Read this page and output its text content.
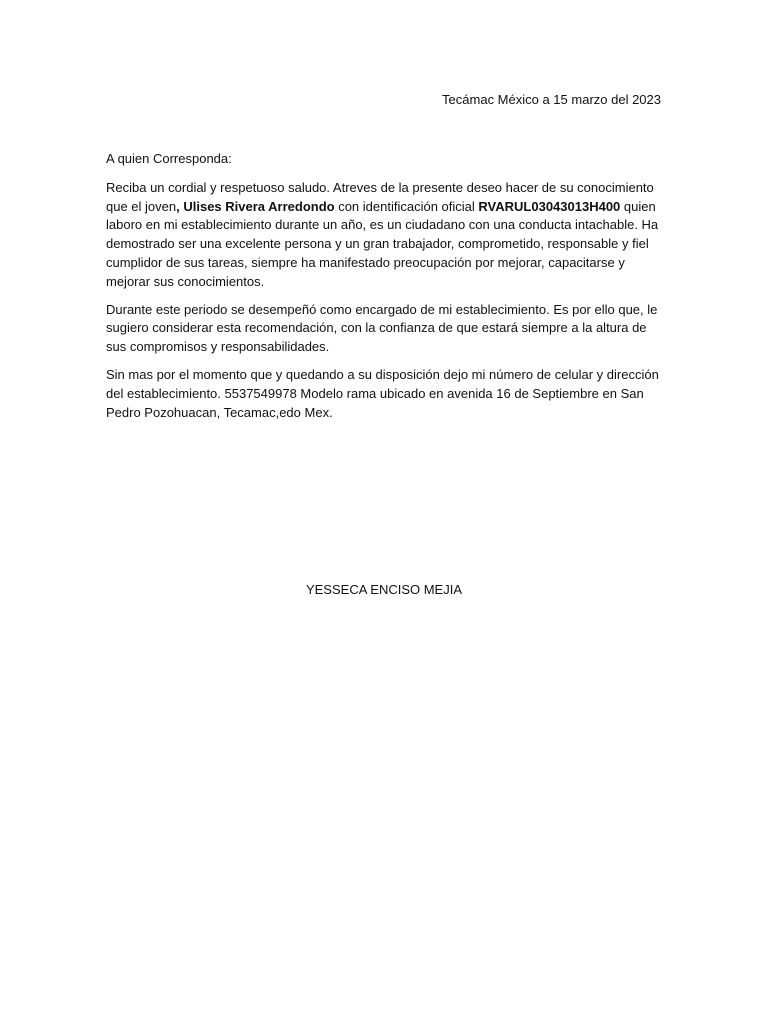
Tecámac México a 15 marzo del 2023

A quien Corresponda:

Reciba un cordial y respetuoso saludo. Atreves de la presente deseo hacer de su conocimiento que el joven, Ulises Rivera Arredondo con identificación oficial RVARUL03043013H400 quien laboro en mi establecimiento durante un año, es un ciudadano con una conducta intachable. Ha demostrado ser una excelente persona y un gran trabajador, comprometido, responsable y fiel cumplidor de sus tareas, siempre ha manifestado preocupación por mejorar, capacitarse y mejorar sus conocimientos.

Durante este periodo se desempeñó como encargado de mi establecimiento. Es por ello que, le sugiero considerar esta recomendación, con la confianza de que estará siempre a la altura de sus compromisos y responsabilidades.

Sin mas por el momento que y quedando a su disposición dejo mi número de celular y dirección del establecimiento. 5537549978 Modelo rama ubicado en avenida 16 de Septiembre en San Pedro Pozohuacan, Tecamac,edo Mex.

YESSECA ENCISO MEJIA
